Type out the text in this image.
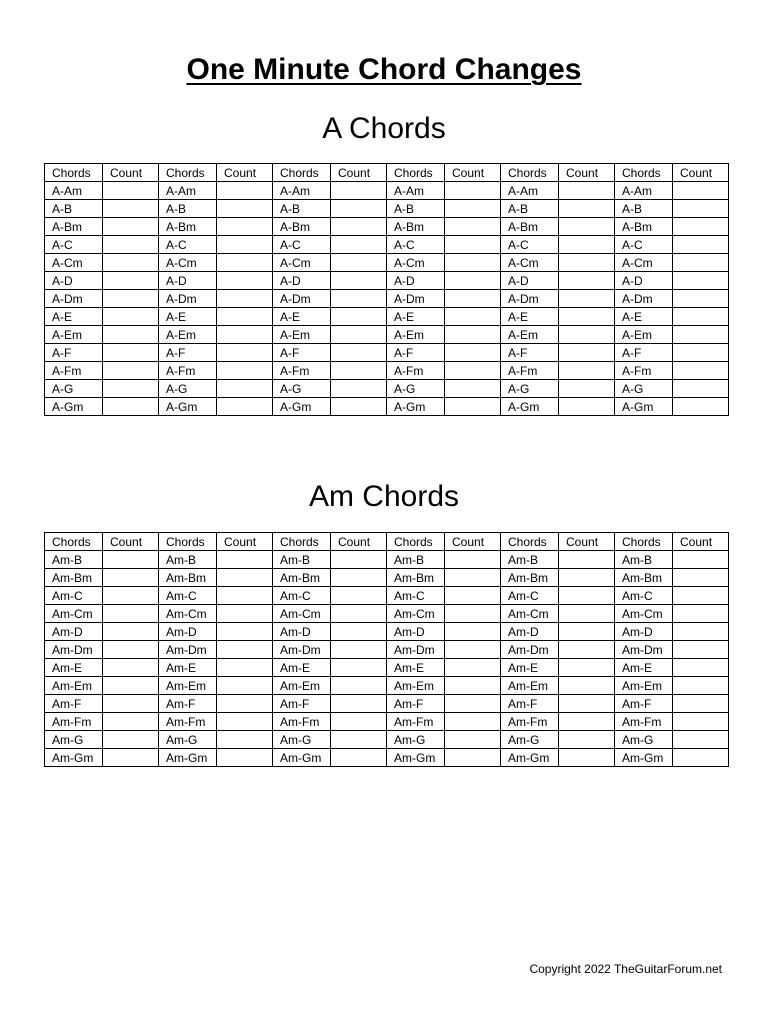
One Minute Chord Changes
A Chords
Chords	Count	Chords	Count	Chords	Count	Chords	Count	Chords	Count	Chords	Count
A-Am		A-Am		A-Am		A-Am		A-Am		A-Am	
A-B		A-B		A-B		A-B		A-B		A-B	
A-Bm		A-Bm		A-Bm		A-Bm		A-Bm		A-Bm	
A-C		A-C		A-C		A-C		A-C		A-C	
A-Cm		A-Cm		A-Cm		A-Cm		A-Cm		A-Cm	
A-D		A-D		A-D		A-D		A-D		A-D	
A-Dm		A-Dm		A-Dm		A-Dm		A-Dm		A-Dm	
A-E		A-E		A-E		A-E		A-E		A-E	
A-Em		A-Em		A-Em		A-Em		A-Em		A-Em	
A-F		A-F		A-F		A-F		A-F		A-F	
A-Fm		A-Fm		A-Fm		A-Fm		A-Fm		A-Fm	
A-G		A-G		A-G		A-G		A-G		A-G	
A-Gm		A-Gm		A-Gm		A-Gm		A-Gm		A-Gm	
Am Chords
Chords	Count	Chords	Count	Chords	Count	Chords	Count	Chords	Count	Chords	Count
Am-B		Am-B		Am-B		Am-B		Am-B		Am-B	
Am-Bm		Am-Bm		Am-Bm		Am-Bm		Am-Bm		Am-Bm	
Am-C		Am-C		Am-C		Am-C		Am-C		Am-C	
Am-Cm		Am-Cm		Am-Cm		Am-Cm		Am-Cm		Am-Cm	
Am-D		Am-D		Am-D		Am-D		Am-D		Am-D	
Am-Dm		Am-Dm		Am-Dm		Am-Dm		Am-Dm		Am-Dm	
Am-E		Am-E		Am-E		Am-E		Am-E		Am-E	
Am-Em		Am-Em		Am-Em		Am-Em		Am-Em		Am-Em	
Am-F		Am-F		Am-F		Am-F		Am-F		Am-F	
Am-Fm		Am-Fm		Am-Fm		Am-Fm		Am-Fm		Am-Fm	
Am-G		Am-G		Am-G		Am-G		Am-G		Am-G	
Am-Gm		Am-Gm		Am-Gm		Am-Gm		Am-Gm		Am-Gm	
Copyright 2022 TheGuitarForum.net
